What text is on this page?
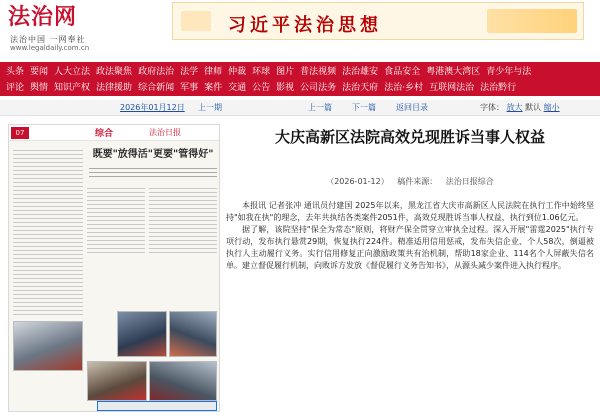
法治网
法治中国 一网奉社
www.legaldaily.com.cn
习近平法治思想
头条 要闻 人大立法 政法聚焦 政府法治 法学 律师 仲裁 环球 图片 普法视频 法治雄安 食品安全 粤港澳大湾区 青少年与法
评论 舆情 知识产权 法律援助 综合新闻 军事 案件 交通 公告 影视 公司法务 法治天府 法治·乡村 互联网法治 法治黔行
2026年01月12日 上一期	上一篇	下一篇	返回目录	字体： 放大 默认 缩小
07	综合	法治日报
既要"放得活"更要"管得好"
大庆高新区法院高效兑现胜诉当事人权益
（2026-01-12） 稿件来源： 法治日报综合

本报讯 记者张冲 通讯员付建国 2025年以来，黑龙江省大庆市高新区人民法院在执行工作中始终坚持"如我在执"的理念，去年共执结各类案件2051件，高效兑现胜诉当事人权益，执行到位1.06亿元。

据了解，该院坚持"保全为常态"原则，将财产保全贯穿立审执全过程。深入开展"雷霆2025"执行专项行动，发布执行悬赏29期，恢复执行224件。精准适用信用惩戒，发布失信企业、个人58次，倒逼被执行人主动履行义务。实行信用修复正向激励政策共有治机制，帮助18家企业、114名个人屏蔽失信名单。建立督促履行机制，向败诉方发放《督促履行义务告知书》，从源头减少案件进入执行程序。
